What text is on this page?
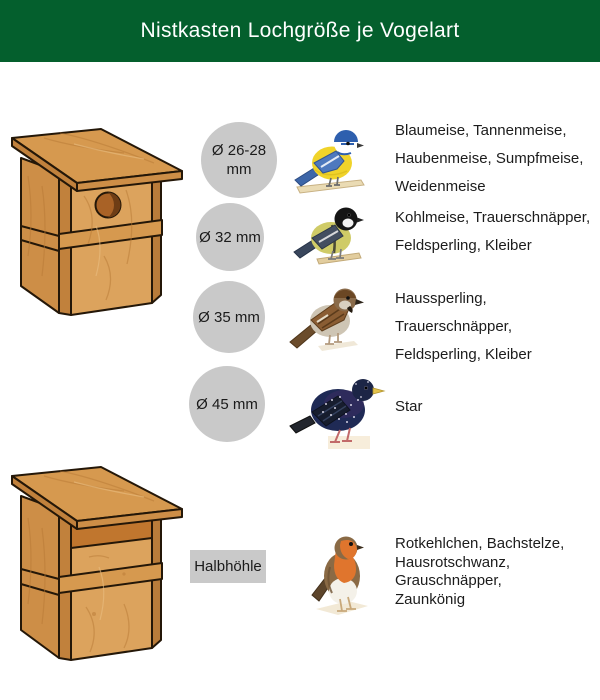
Nistkasten Lochgröße je Vogelart
Ø 26-28
mm
Blaumeise, Tannenmeise,
Haubenmeise, Sumpfmeise,
Weidenmeise
Ø 32 mm
Kohlmeise, Trauerschnäpper,
Feldsperling, Kleiber
Ø 35 mm
Haussperling, Trauerschnäpper,
Feldsperling, Kleiber
Ø 45 mm	Star
Halbhöhle
Rotkehlchen, Bachstelze,
Hausrotschwanz, Grauschnäpper,
Zaunkönig
